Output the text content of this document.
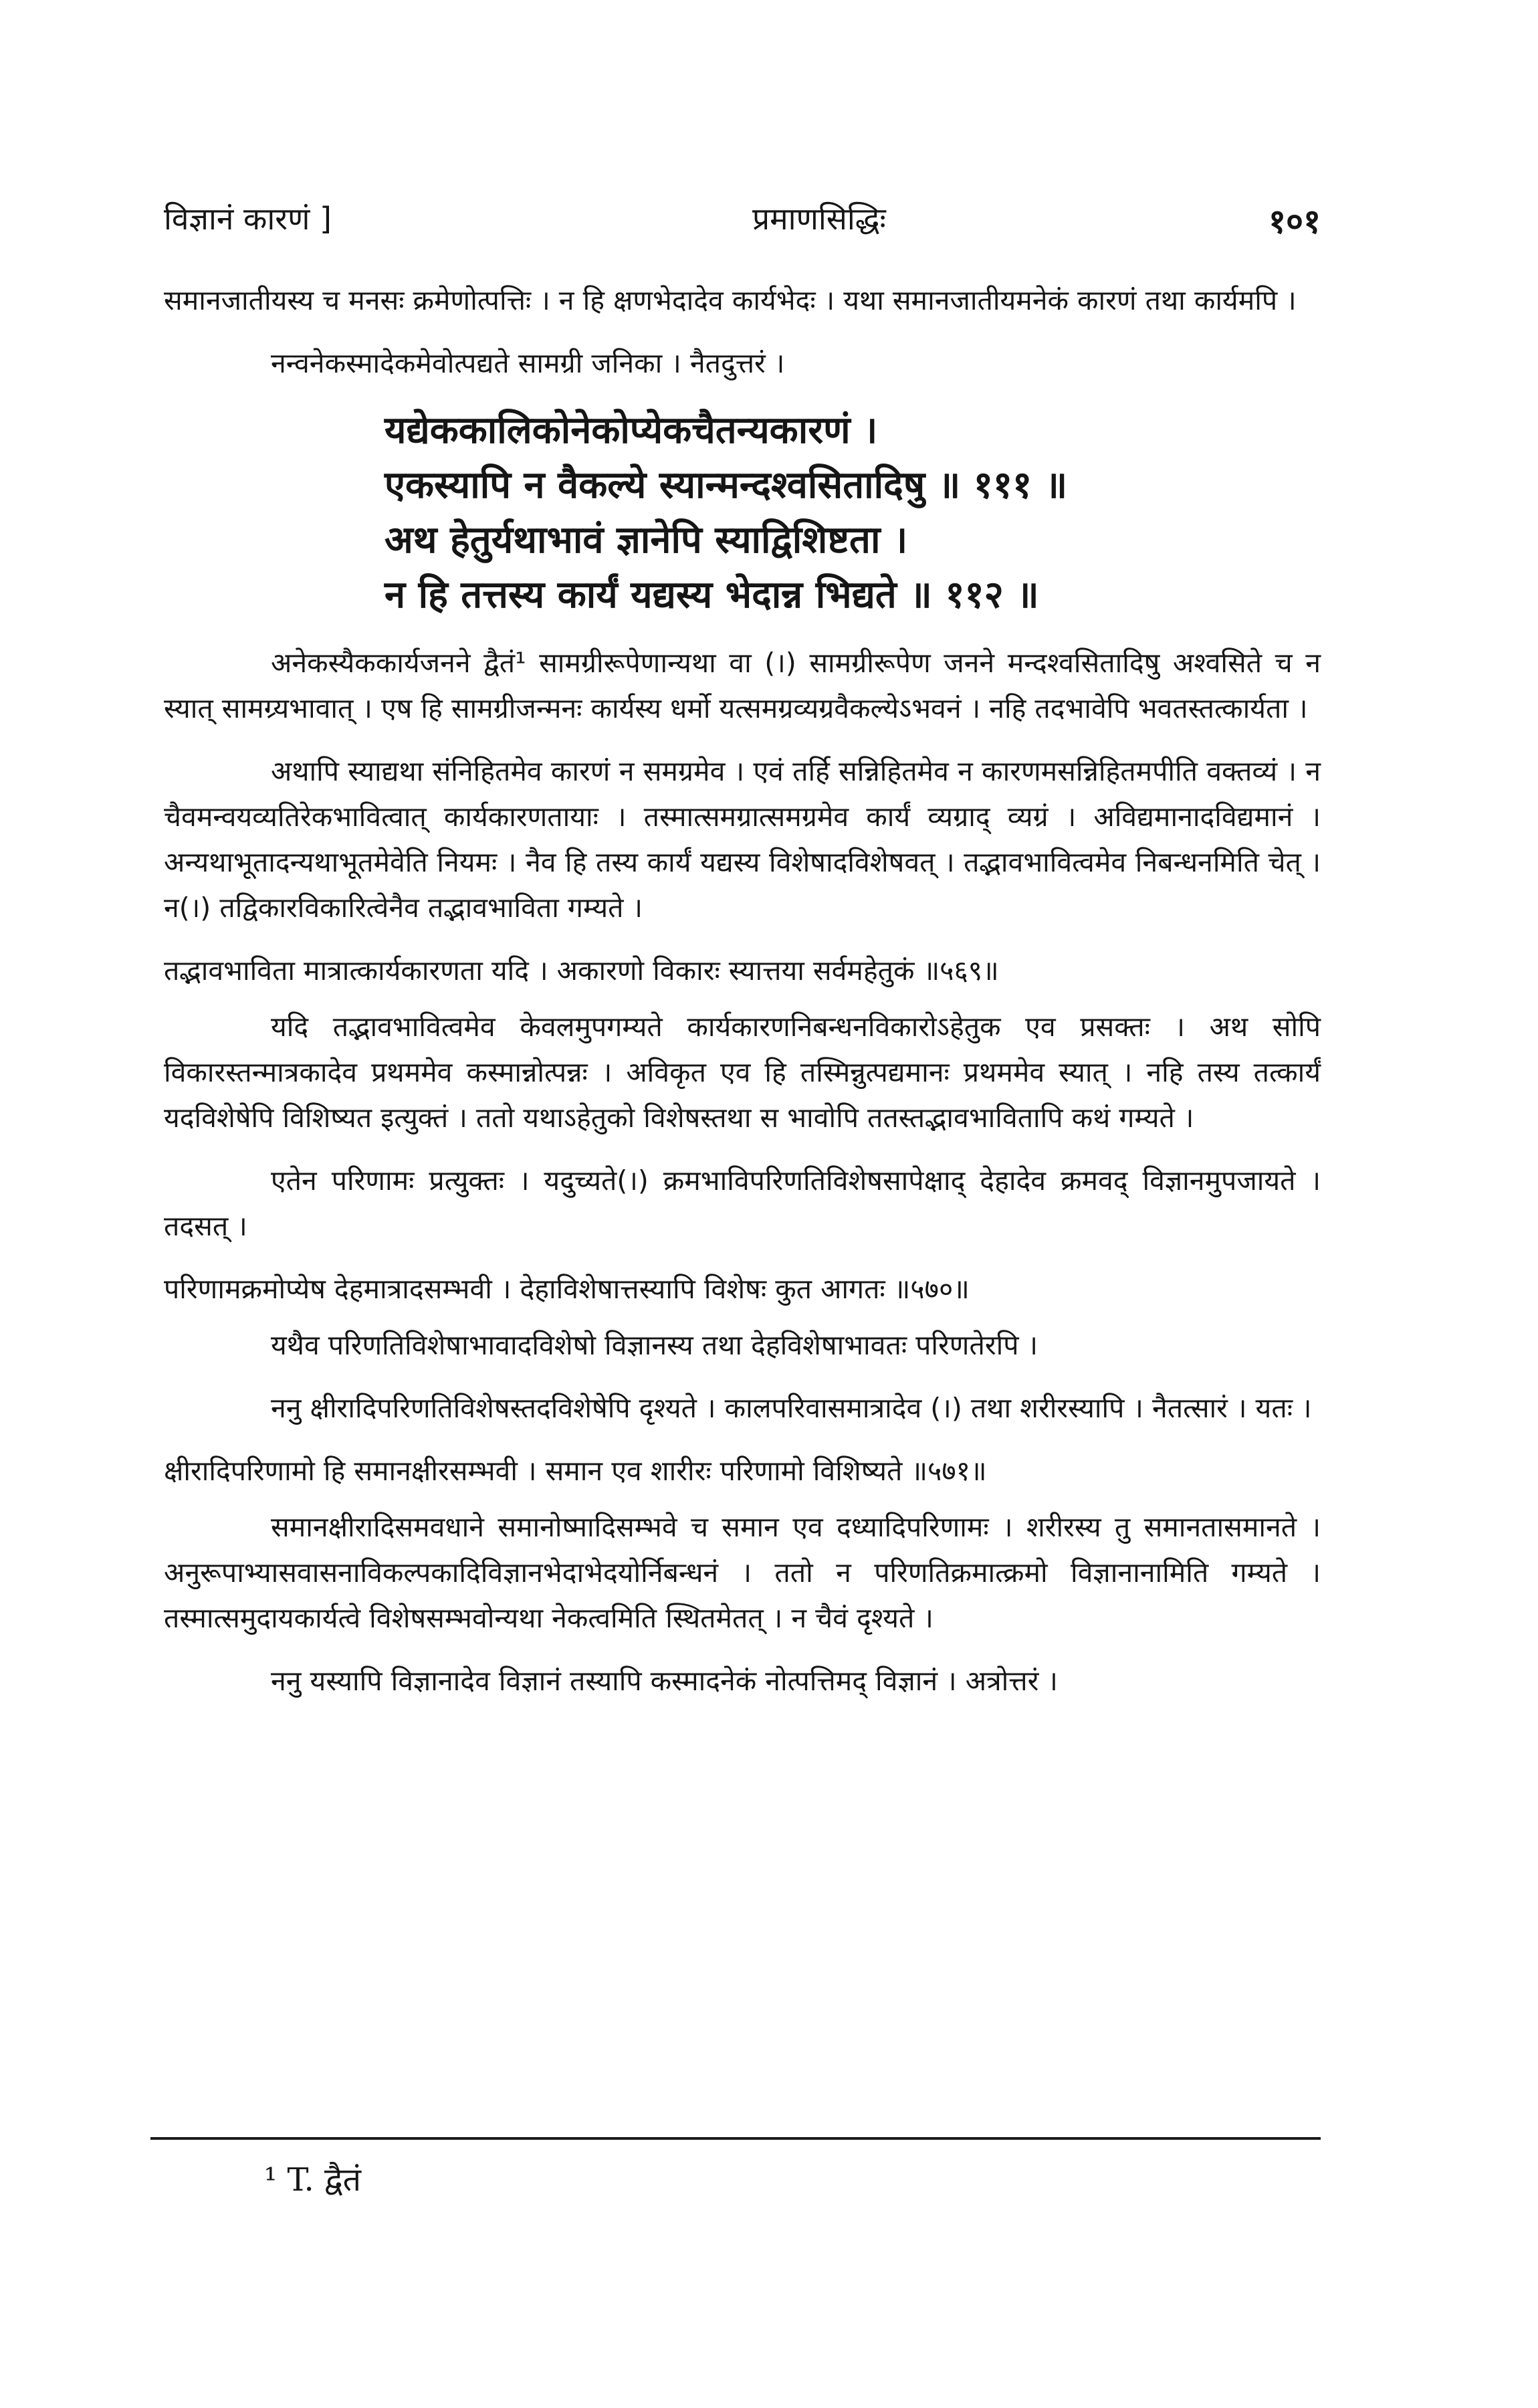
विज्ञानं कारणं ]	प्रमाणसिद्धिः	१०१

समानजातीयस्य च मनसः क्रमेणोत्पत्तिः । न हि क्षणभेदादेव कार्यभेदः । यथा समानजातीयमनेकं कारणं तथा कार्यमपि ।

नन्वनेकस्मादेकमेवोत्पद्यते सामग्री जनिका । नैतदुत्तरं ।

यद्येककालिकोनेकोप्येकचैतन्यकारणं ।
एकस्यापि न वैकल्ये स्यान्मन्दश्वसितादिषु ॥ १११ ॥
अथ हेतुर्यथाभावं ज्ञानेपि स्याद्विशिष्टता ।
न हि तत्तस्य कार्यं यद्यस्य भेदान्न भिद्यते ॥ ११२ ॥

अनेकस्यैककार्यजनने द्वैतं¹ सामग्रीरूपेणान्यथा वा (।) सामग्रीरूपेण जनने मन्दश्वसितादिषु अश्वसिते च न स्यात् सामग्र्यभावात् । एष हि सामग्रीजन्मनः कार्यस्य धर्मो यत्समग्रव्यग्रवैकल्येऽभवनं । नहि तदभावेपि भवतस्तत्कार्यता ।

अथापि स्याद्यथा संनिहितमेव कारणं न समग्रमेव । एवं तर्हि सन्निहितमेव न कारणमसन्निहितमपीति वक्तव्यं । न चैवमन्वयव्यतिरेकभावित्वात् कार्यकारणतायाः । तस्मात्समग्रात्समग्रमेव कार्यं व्यग्राद् व्यग्रं । अविद्यमानादविद्यमानं । अन्यथाभूतादन्यथाभूतमेवेति नियमः । नैव हि तस्य कार्यं यद्यस्य विशेषादविशेषवत् । तद्भावभावित्वमेव निबन्धनमिति चेत् । न(।) तद्विकारविकारित्वेनैव तद्भावभाविता गम्यते ।

तद्भावभाविता मात्रात्कार्यकारणता यदि । अकारणो विकारः स्यात्तया सर्वमहेतुकं ॥५६९॥

यदि तद्भावभावित्वमेव केवलमुपगम्यते कार्यकारणनिबन्धनविकारोऽहेतुक एव प्रसक्तः । अथ सोपि विकारस्तन्मात्रकादेव प्रथममेव कस्मान्नोत्पन्नः । अविकृत एव हि तस्मिन्नुत्पद्यमानः प्रथममेव स्यात् । नहि तस्य तत्कार्यं यदविशेषेपि विशिष्यत इत्युक्तं । ततो यथाऽहेतुको विशेषस्तथा स भावोपि ततस्तद्भावभावितापि कथं गम्यते ।

एतेन परिणामः प्रत्युक्तः । यदुच्यते(।) क्रमभाविपरिणतिविशेषसापेक्षाद् देहादेव क्रमवद् विज्ञानमुपजायते । तदसत् ।

परिणामक्रमोप्येष देहमात्रादसम्भवी । देहाविशेषात्तस्यापि विशेषः कुत आगतः ॥५७०॥

यथैव परिणतिविशेषाभावादविशेषो विज्ञानस्य तथा देहविशेषाभावतः परिणतेरपि ।

ननु क्षीरादिपरिणतिविशेषस्तदविशेषेपि दृश्यते । कालपरिवासमात्रादेव (।) तथा शरीरस्यापि । नैतत्सारं । यतः ।

क्षीरादिपरिणामो हि समानक्षीरसम्भवी । समान एव शारीरः परिणामो विशिष्यते ॥५७१॥

समानक्षीरादिसमवधाने समानोष्मादिसम्भवे च समान एव दध्यादिपरिणामः । शरीरस्य तु समानतासमानते । अनुरूपाभ्यासवासनाविकल्पकादिविज्ञानभेदाभेदयोर्निबन्धनं । ततो न परिणतिक्रमात्क्रमो विज्ञानानामिति गम्यते । तस्मात्समुदायकार्यत्वे विशेषसम्भवोन्यथा नेकत्वमिति स्थितमेतत् । न चैवं दृश्यते ।

ननु यस्यापि विज्ञानादेव विज्ञानं तस्यापि कस्मादनेकं नोत्पत्तिमद् विज्ञानं । अत्रोत्तरं ।

¹ T. द्वैतं
